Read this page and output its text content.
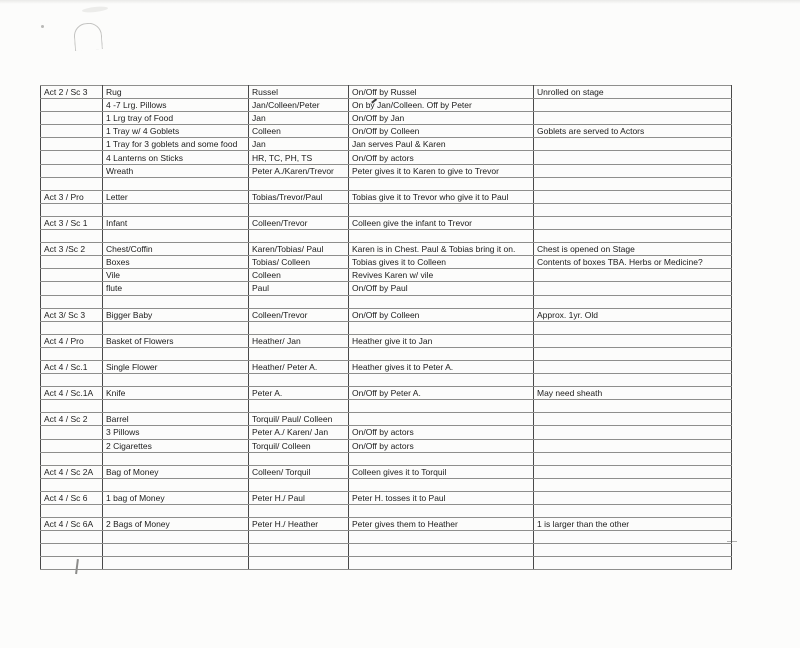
Act 2 / Sc 3	Rug	Russel	On/Off by Russel	Unrolled on stage
	4 -7 Lrg. Pillows	Jan/Colleen/Peter	On by Jan/Colleen. Off by Peter	
	1 Lrg tray of Food	Jan	On/Off by Jan	
	1 Tray w/ 4 Goblets	Colleen	On/Off by Colleen	Goblets are served to Actors
	1 Tray for 3 goblets and some food	Jan	Jan serves Paul & Karen	
	4 Lanterns on Sticks	HR, TC, PH, TS	On/Off by actors	
	Wreath	Peter A./Karen/Trevor	Peter gives it to Karen to give to Trevor	

Act 3 / Pro	Letter	Tobias/Trevor/Paul	Tobias give it to Trevor who give it to Paul	

Act 3 / Sc 1	Infant	Colleen/Trevor	Colleen give the infant to Trevor	

Act 3 /Sc 2	Chest/Coffin	Karen/Tobias/ Paul	Karen is in Chest. Paul & Tobias bring it on.	Chest is opened on Stage
	Boxes	Tobias/ Colleen	Tobias gives it to Colleen	Contents of boxes TBA. Herbs or Medicine?
	Vile	Colleen	Revives Karen w/ vile	
	flute	Paul	On/Off by Paul	

Act 3/ Sc 3	Bigger Baby	Colleen/Trevor	On/Off by Colleen	Approx. 1yr. Old

Act 4 / Pro	Basket of Flowers	Heather/ Jan	Heather give it to Jan	

Act 4 / Sc.1	Single Flower	Heather/ Peter A.	Heather gives it to Peter A.	

Act 4 / Sc.1A	Knife	Peter A.	On/Off by Peter A.	May need sheath

Act 4 / Sc 2	Barrel	Torquil/ Paul/ Colleen		
	3 Pillows	Peter A./ Karen/ Jan	On/Off by actors	
	2 Cigarettes	Torquil/ Colleen	On/Off by actors	

Act 4 / Sc 2A	Bag of Money	Colleen/ Torquil	Colleen gives it to Torquil	

Act 4 / Sc 6	1 bag of Money	Peter H./ Paul	Peter H. tosses it to Paul	

Act 4 / Sc 6A	2 Bags of Money	Peter H./ Heather	Peter gives them to Heather	1 is larger than the other
